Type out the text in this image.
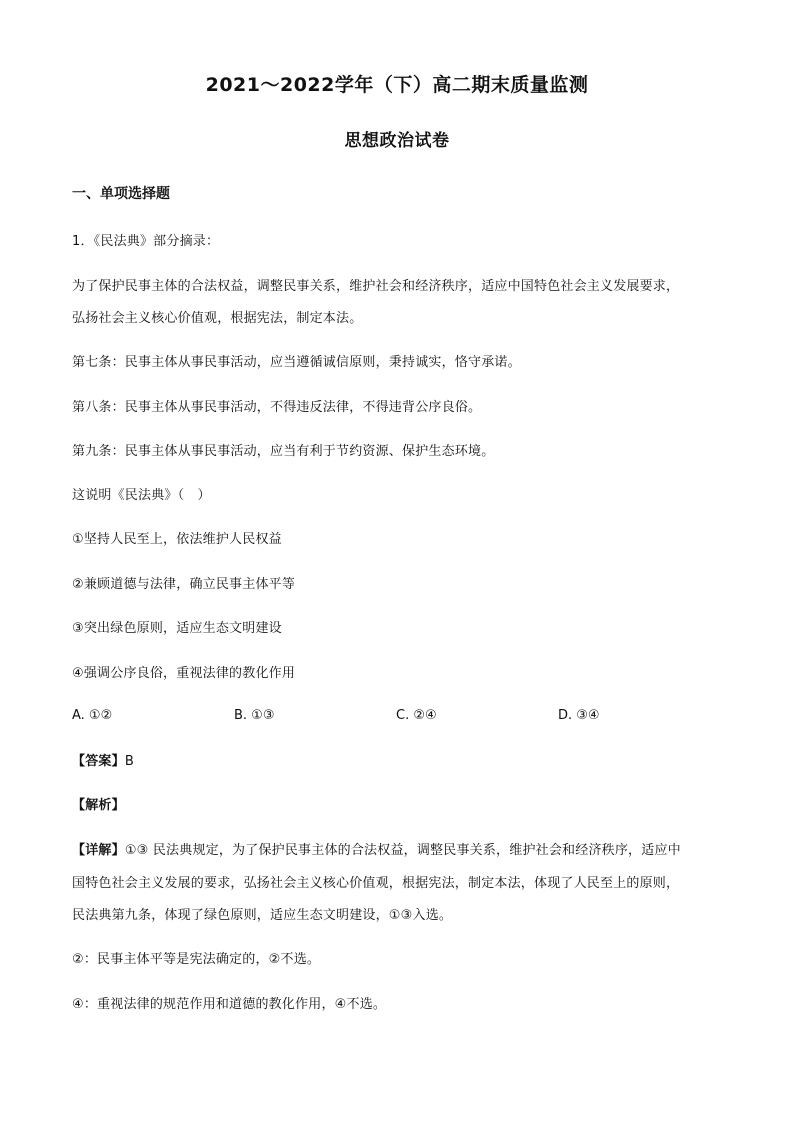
2021～2022学年（下）高二期末质量监测
思想政治试卷
一、单项选择题
1．《民法典》部分摘录：
为了保护民事主体的合法权益，调整民事关系，维护社会和经济秩序，适应中国特色社会主义发展要求，
弘扬社会主义核心价值观，根据宪法，制定本法。
第七条：民事主体从事民事活动，应当遵循诚信原则，秉持诚实，恪守承诺。
第八条：民事主体从事民事活动，不得违反法律，不得违背公序良俗。
第九条：民事主体从事民事活动，应当有利于节约资源、保护生态环境。
这说明《民法典》（　）
①坚持人民至上，依法维护人民权益
②兼顾道德与法律，确立民事主体平等
③突出绿色原则，适应生态文明建设
④强调公序良俗，重视法律的教化作用
A. ①②	B. ①③	C. ②④	D. ③④
【答案】B
【解析】
【详解】①③ 民法典规定，为了保护民事主体的合法权益，调整民事关系，维护社会和经济秩序，适应中
国特色社会主义发展的要求，弘扬社会主义核心价值观，根据宪法，制定本法，体现了人民至上的原则，
民法典第九条，体现了绿色原则，适应生态文明建设，①③入选。
②：民事主体平等是宪法确定的，②不选。
④：重视法律的规范作用和道德的教化作用，④不选。
